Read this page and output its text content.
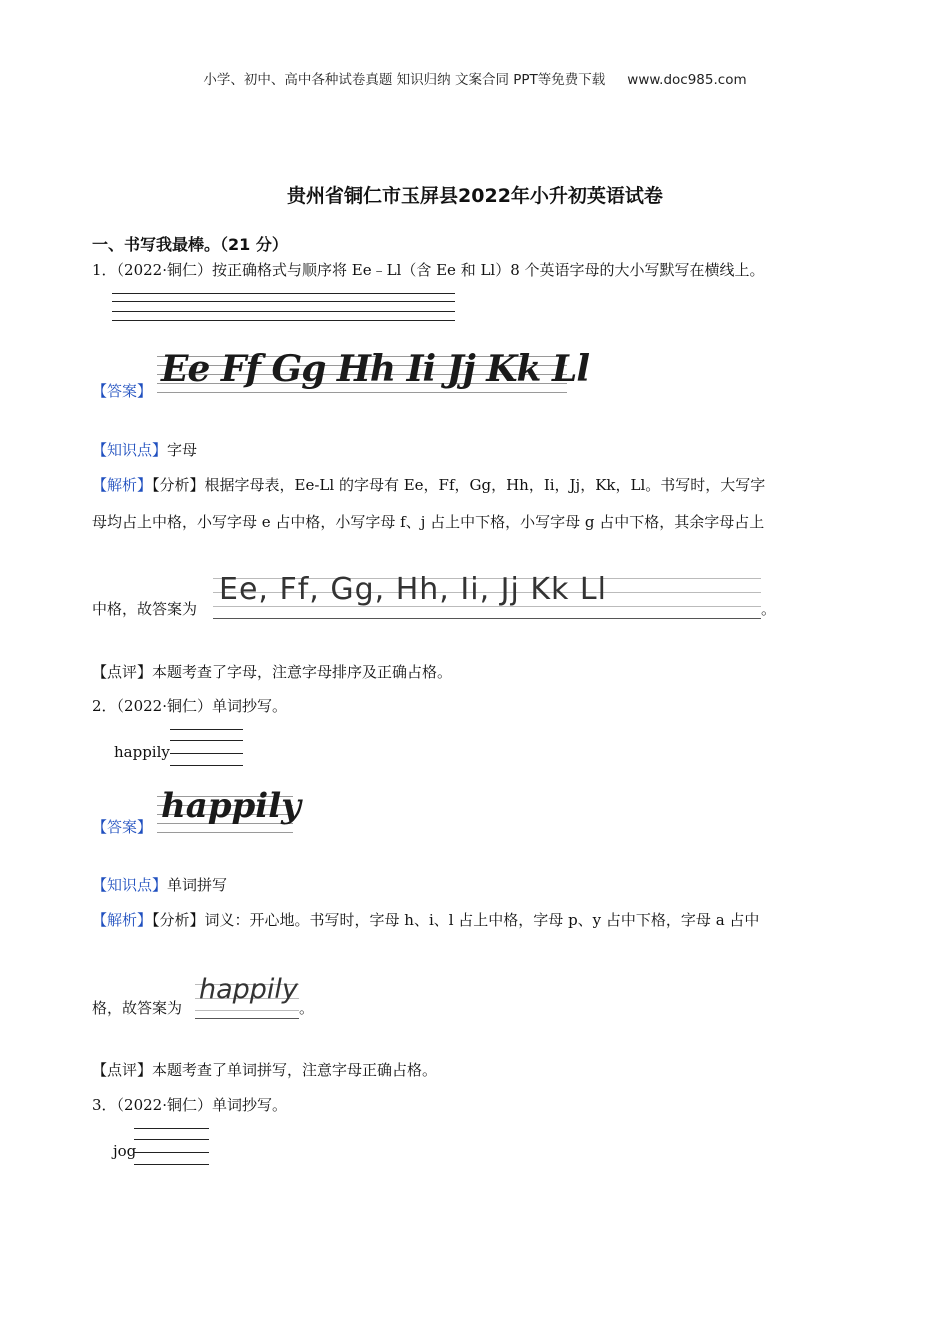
小学、初中、高中各种试卷真题 知识归纳 文案合同 PPT等免费下载 www.doc985.com
贵州省铜仁市玉屏县2022年小升初英语试卷
一、书写我最棒。（21 分）
1．（2022·铜仁）按正确格式与顺序将 Ee﹣Ll（含 Ee 和 Ll）8 个英语字母的大小写默写在横线上。
【答案】
Ee Ff Gg Hh Ii Jj Kk Ll
【知识点】字母
【解析】【分析】根据字母表，Ee-Ll 的字母有 Ee，Ff，Gg，Hh，Ii，Jj，Kk，Ll。书写时，大写字
母均占上中格，小写字母 e 占中格，小写字母 f、j 占上中下格，小写字母 g 占中下格，其余字母占上
中格，故答案为
Ee, Ff, Gg, Hh, Ii, Jj Kk Ll
。
【点评】本题考查了字母，注意字母排序及正确占格。
2．（2022·铜仁）单词抄写。
happily
【答案】
happily
【知识点】单词拼写
【解析】【分析】词义：开心地。书写时，字母 h、i、l 占上中格，字母 p、y 占中下格，字母 a 占中
格，故答案为
happily
。
【点评】本题考查了单词拼写，注意字母正确占格。
3．（2022·铜仁）单词抄写。
jog
